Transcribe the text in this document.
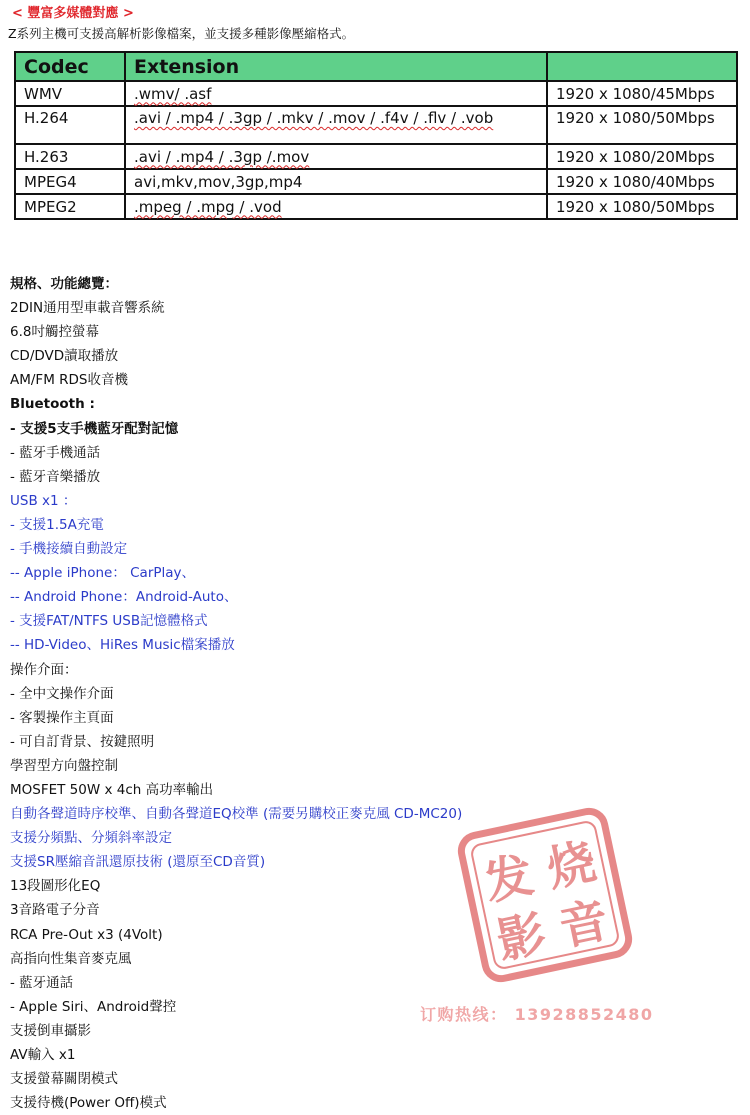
< 豐富多媒體對應 >
Z系列主機可支援高解析影像檔案，並支援多種影像壓縮格式。
Codec	Extension	
WMV	.wmv/ .asf	1920 x 1080/45Mbps
H.264	.avi / .mp4 / .3gp / .mkv / .mov / .f4v / .flv / .vob	1920 x 1080/50Mbps
H.263	.avi / .mp4 / .3gp /.mov	1920 x 1080/20Mbps
MPEG4	avi,mkv,mov,3gp,mp4	1920 x 1080/40Mbps
MPEG2	.mpeg / .mpg / .vod	1920 x 1080/50Mbps
規格、功能總覽：
2DIN通用型車載音響系統
6.8吋觸控螢幕
CD/DVD讀取播放
AM/FM RDS收音機
Bluetooth :
- 支援5支手機藍牙配對記憶
- 藍牙手機通話
- 藍牙音樂播放
USB x1 ：
- 支援1.5A充電
- 手機接續自動設定
-- Apple iPhone： CarPlay、
-- Android Phone：Android-Auto、
- 支援FAT/NTFS USB記憶體格式
-- HD-Video、HiRes Music檔案播放
操作介面：
- 全中文操作介面
- 客製操作主頁面
- 可自訂背景、按鍵照明
學習型方向盤控制
MOSFET 50W x 4ch 高功率輸出
自動各聲道時序校準、自動各聲道EQ校準 (需要另購校正麥克風 CD-MC20)
支援分頻點、分頻斜率設定
支援SR壓縮音訊還原技術 (還原至CD音質)
13段圖形化EQ
3音路電子分音
RCA Pre-Out x3 (4Volt)
高指向性集音麥克風
- 藍牙通話
- Apple Siri、Android聲控
支援倒車攝影
AV輸入 x1
支援螢幕關閉模式
支援待機(Power Off)模式
发 烧
影 音
订购热线： 13928852480
